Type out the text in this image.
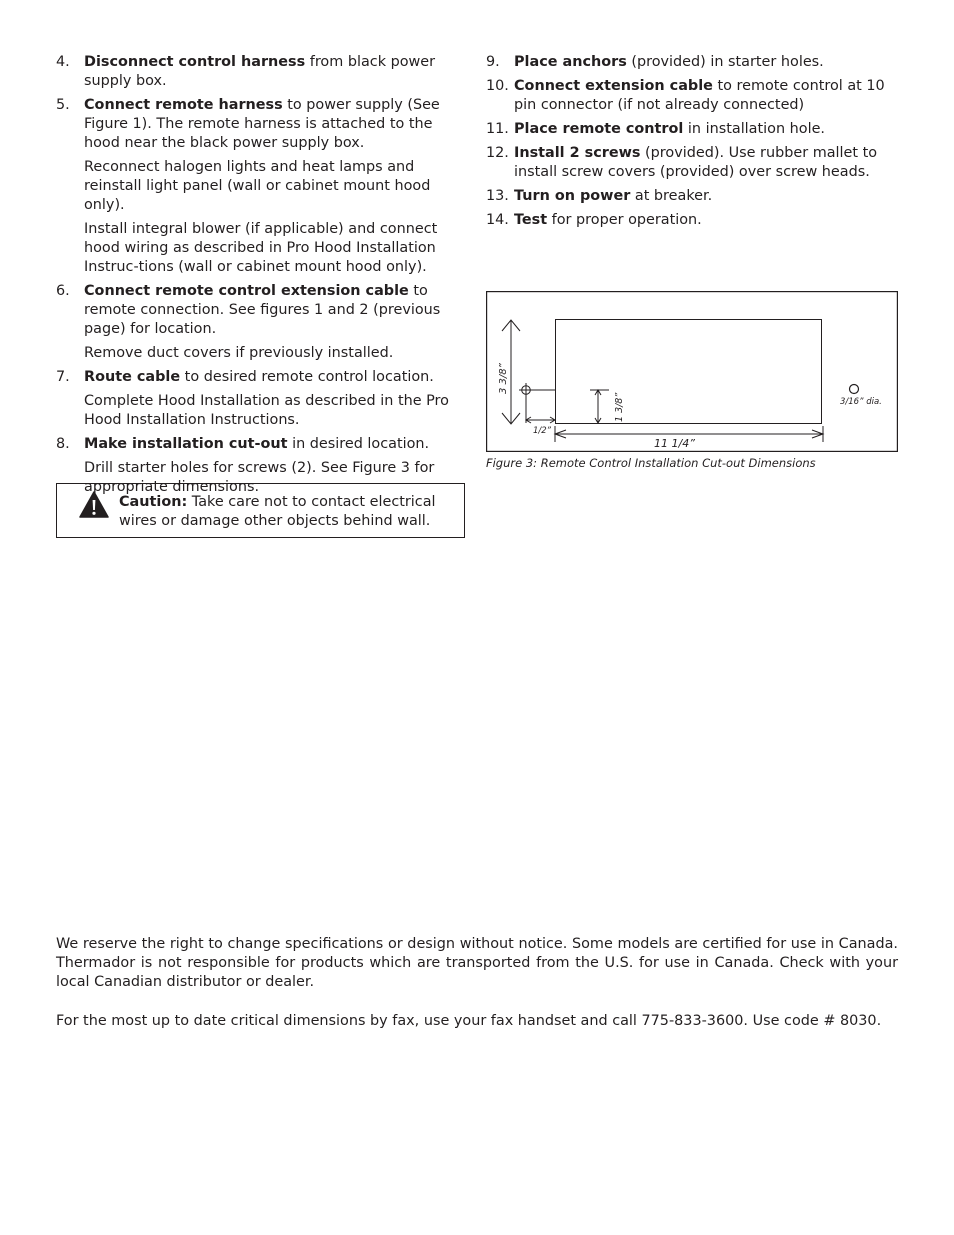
4. Disconnect control harness from black power supply box.
5. Connect remote harness to power supply (See Figure 1). The remote harness is attached to the hood near the black power supply box.
Reconnect halogen lights and heat lamps and reinstall light panel (wall or cabinet mount hood only).
Install integral blower (if applicable) and connect hood wiring as described in Pro Hood Installation Instruc-tions (wall or cabinet mount hood only).
6. Connect remote control extension cable to remote connection. See figures 1 and 2 (previous page) for location.
Remove duct covers if previously installed.
7. Route cable to desired remote control location.
Complete Hood Installation as described in the Pro Hood Installation Instructions.
8. Make installation cut-out in desired location.
Drill starter holes for screws (2). See Figure 3 for appropriate dimensions.
Caution: Take care not to contact electrical wires or damage other objects behind wall.
9. Place anchors (provided) in starter holes.
10. Connect extension cable to remote control at 10 pin connector (if not already connected)
11. Place remote control in installation hole.
12. Install 2 screws (provided). Use rubber mallet to install screw covers (provided) over screw heads.
13. Turn on power at breaker.
14. Test for proper operation.
3 3/8”
1/2”
1 3/8”
11 1/4”
3/16” dia.
Figure 3: Remote Control Installation Cut-out Dimensions

We reserve the right to change specifications or design without notice. Some models are certified for use in Canada. Thermador is not responsible for products which are transported from the U.S. for use in Canada. Check with your local Canadian distributor or dealer.

For the most up to date critical dimensions by fax, use your fax handset and call 775-833-3600. Use code # 8030.
